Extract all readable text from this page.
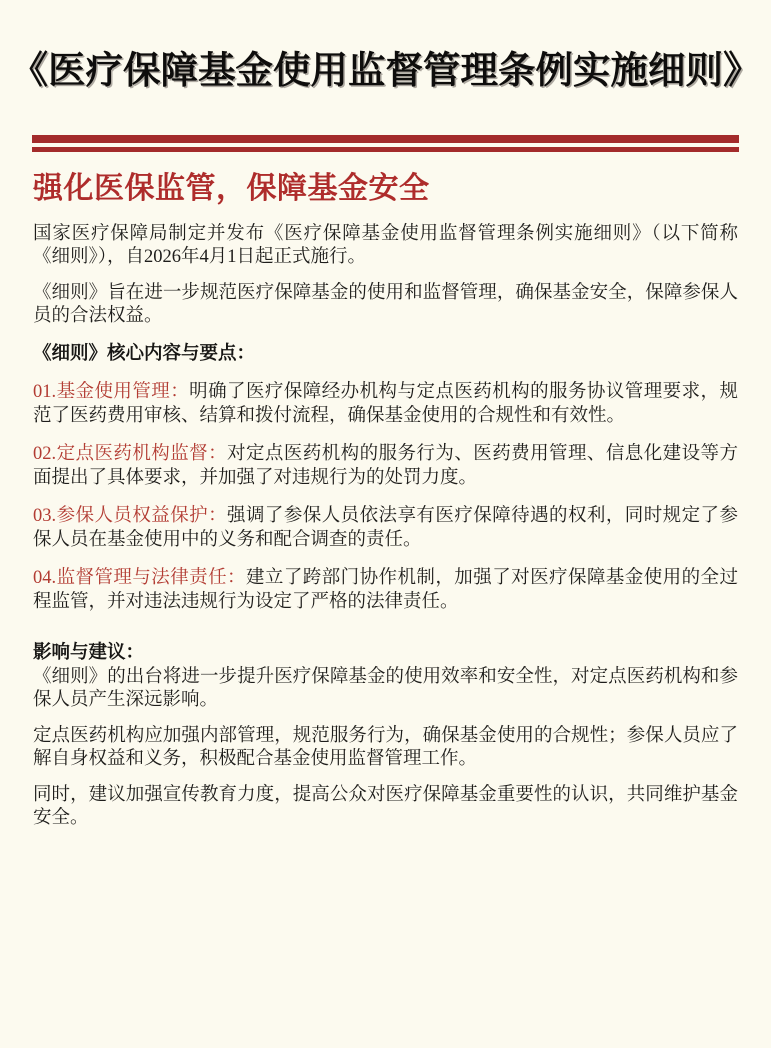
《医疗保障基金使用监督管理条例实施细则》
强化医保监管，保障基金安全

国家医疗保障局制定并发布《医疗保障基金使用监督管理条例实施细则》（以下简称《细则》），自2026年4月1日起正式施行。

《细则》旨在进一步规范医疗保障基金的使用和监督管理，确保基金安全，保障参保人员的合法权益。

《细则》核心内容与要点：

01.基金使用管理：明确了医疗保障经办机构与定点医药机构的服务协议管理要求，规范了医药费用审核、结算和拨付流程，确保基金使用的合规性和有效性。

02.定点医药机构监督：对定点医药机构的服务行为、医药费用管理、信息化建设等方面提出了具体要求，并加强了对违规行为的处罚力度。

03.参保人员权益保护：强调了参保人员依法享有医疗保障待遇的权利，同时规定了参保人员在基金使用中的义务和配合调查的责任。

04.监督管理与法律责任：建立了跨部门协作机制，加强了对医疗保障基金使用的全过程监管，并对违法违规行为设定了严格的法律责任。

影响与建议：

《细则》的出台将进一步提升医疗保障基金的使用效率和安全性，对定点医药机构和参保人员产生深远影响。

定点医药机构应加强内部管理，规范服务行为，确保基金使用的合规性；参保人员应了解自身权益和义务，积极配合基金使用监督管理工作。

同时，建议加强宣传教育力度，提高公众对医疗保障基金重要性的认识，共同维护基金安全。
